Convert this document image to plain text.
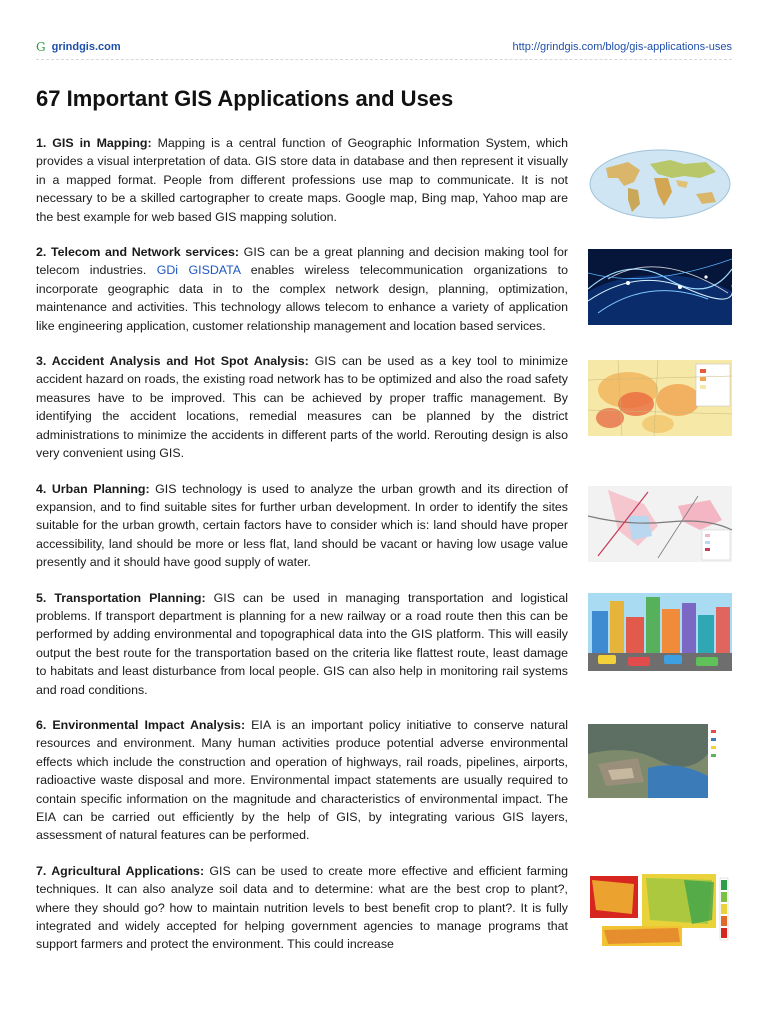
G grindgis.com	http://grindgis.com/blog/gis-applications-uses
67 Important GIS Applications and Uses
1. GIS in Mapping: Mapping is a central function of Geographic Information System, which provides a visual interpretation of data. GIS store data in database and then represent it visually in a mapped format. People from different professions use map to communicate. It is not necessary to be a skilled cartographer to create maps. Google map, Bing map, Yahoo map are the best example for web based GIS mapping solution.
2. Telecom and Network services: GIS can be a great planning and decision making tool for telecom industries. GDi GISDATA enables wireless telecommunication organizations to incorporate geographic data in to the complex network design, planning, optimization, maintenance and activities. This technology allows telecom to enhance a variety of application like engineering application, customer relationship management and location based services.
3. Accident Analysis and Hot Spot Analysis: GIS can be used as a key tool to minimize accident hazard on roads, the existing road network has to be optimized and also the road safety measures have to be improved. This can be achieved by proper traffic management. By identifying the accident locations, remedial measures can be planned by the district administrations to minimize the accidents in different parts of the world. Rerouting design is also very convenient using GIS.
4. Urban Planning: GIS technology is used to analyze the urban growth and its direction of expansion, and to find suitable sites for further urban development. In order to identify the sites suitable for the urban growth, certain factors have to consider which is: land should have proper accessibility, land should be more or less flat, land should be vacant or having low usage value presently and it should have good supply of water.
5. Transportation Planning: GIS can be used in managing transportation and logistical problems. If transport department is planning for a new railway or a road route then this can be performed by adding environmental and topographical data into the GIS platform. This will easily output the best route for the transportation based on the criteria like flattest route, least damage to habitats and least disturbance from local people. GIS can also help in monitoring rail systems and road conditions.
6. Environmental Impact Analysis: EIA is an important policy initiative to conserve natural resources and environment. Many human activities produce potential adverse environmental effects which include the construction and operation of highways, rail roads, pipelines, airports, radioactive waste disposal and more. Environmental impact statements are usually required to contain specific information on the magnitude and characteristics of environmental impact. The EIA can be carried out efficiently by the help of GIS, by integrating various GIS layers, assessment of natural features can be performed.
7. Agricultural Applications: GIS can be used to create more effective and efficient farming techniques. It can also analyze soil data and to determine: what are the best crop to plant?, where they should go? how to maintain nutrition levels to best benefit crop to plant?. It is fully integrated and widely accepted for helping government agencies to manage programs that support farmers and protect the environment. This could increase
